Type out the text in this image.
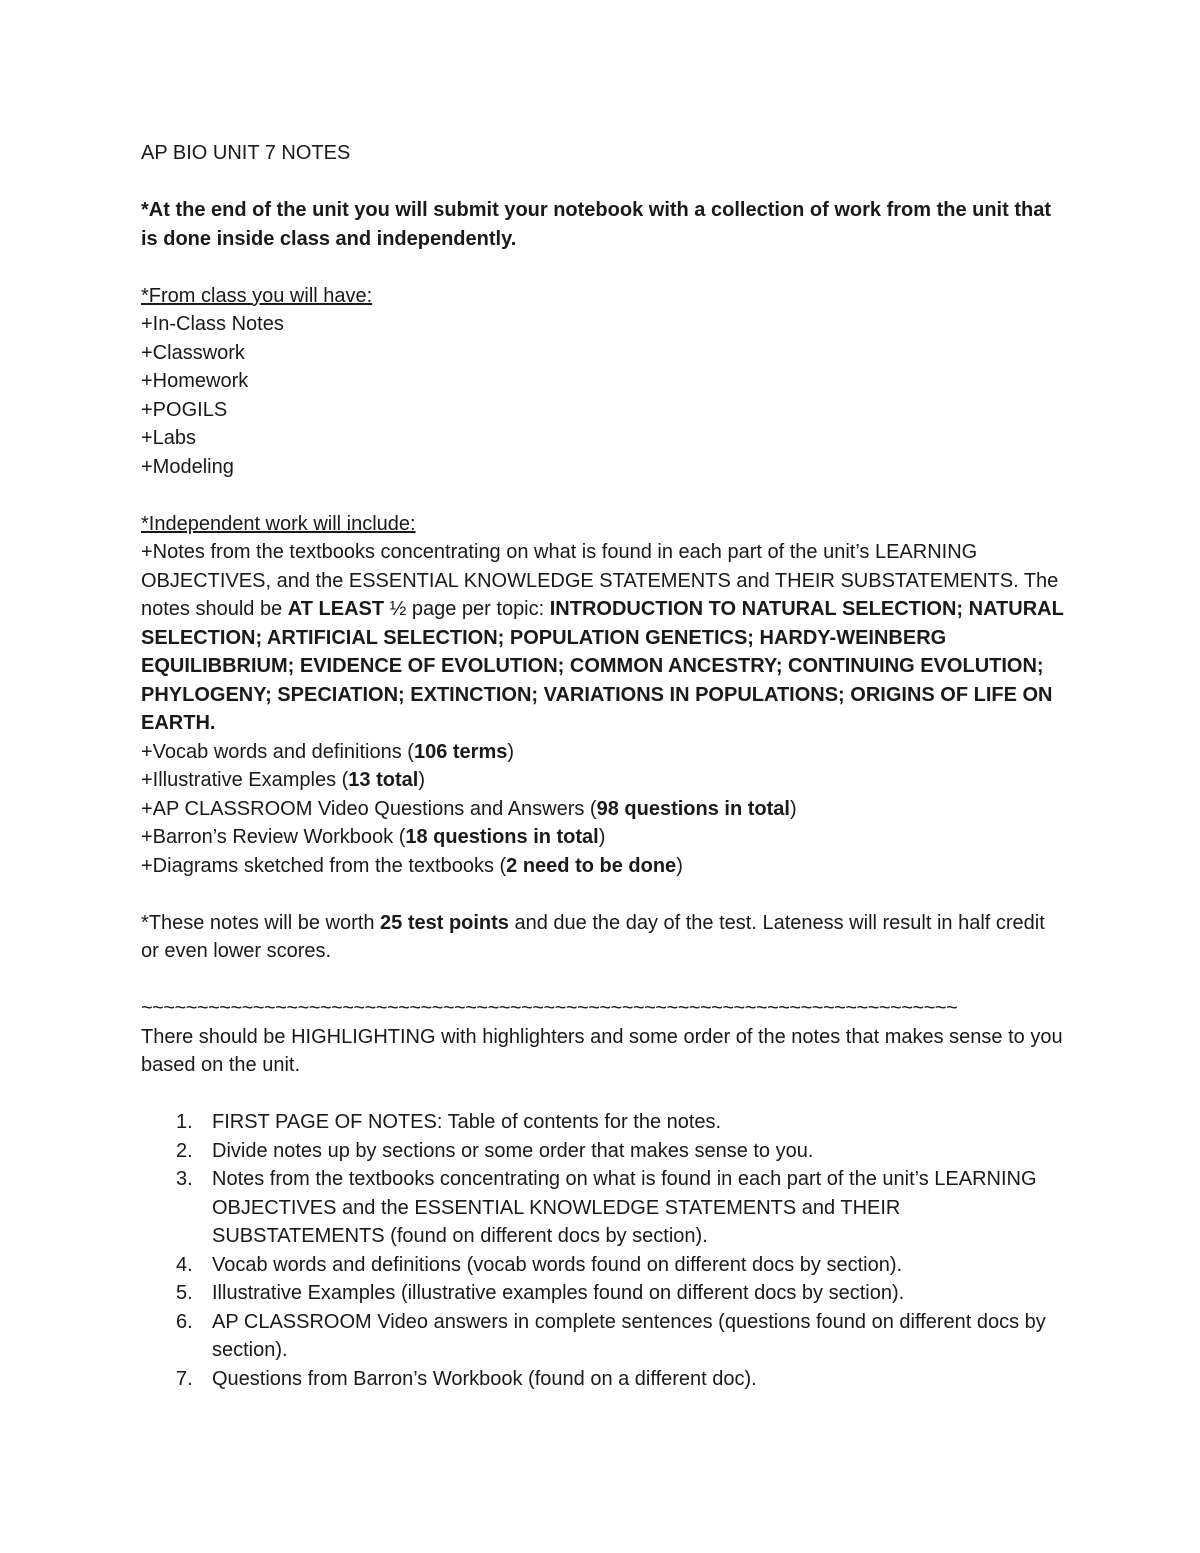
AP BIO UNIT 7 NOTES

*At the end of the unit you will submit your notebook with a collection of work from the unit that is done inside class and independently.

*From class you will have:

+In-Class Notes

+Classwork

+Homework

+POGILS

+Labs

+Modeling

*Independent work will include:

+Notes from the textbooks concentrating on what is found in each part of the unit’s LEARNING OBJECTIVES, and the ESSENTIAL KNOWLEDGE STATEMENTS and THEIR SUBSTATEMENTS. The notes should be AT LEAST ½ page per topic: INTRODUCTION TO NATURAL SELECTION; NATURAL SELECTION; ARTIFICIAL SELECTION; POPULATION GENETICS; HARDY-WEINBERG EQUILIBBRIUM; EVIDENCE OF EVOLUTION; COMMON ANCESTRY; CONTINUING EVOLUTION; PHYLOGENY; SPECIATION; EXTINCTION; VARIATIONS IN POPULATIONS; ORIGINS OF LIFE ON EARTH.

+Vocab words and definitions (106 terms)

+Illustrative Examples (13 total)

+AP CLASSROOM Video Questions and Answers (98 questions in total)

+Barron’s Review Workbook (18 questions in total)

+Diagrams sketched from the textbooks (2 need to be done)

*These notes will be worth 25 test points and due the day of the test. Lateness will result in half credit or even lower scores.

~~~~~~~~~~~~~~~~~~~~~~~~~~~~~~~~~~~~~~~~~~~~~~~~~~~~~~~~~~~~~~~~~~~~~~~~~

There should be HIGHLIGHTING with highlighters and some order of the notes that makes sense to you based on the unit.

1. FIRST PAGE OF NOTES: Table of contents for the notes.
2. Divide notes up by sections or some order that makes sense to you.
3. Notes from the textbooks concentrating on what is found in each part of the unit’s LEARNING OBJECTIVES and the ESSENTIAL KNOWLEDGE STATEMENTS and THEIR SUBSTATEMENTS (found on different docs by section).
4. Vocab words and definitions (vocab words found on different docs by section).
5. Illustrative Examples (illustrative examples found on different docs by section).
6. AP CLASSROOM Video answers in complete sentences (questions found on different docs by section).
7. Questions from Barron’s Workbook (found on a different doc).
